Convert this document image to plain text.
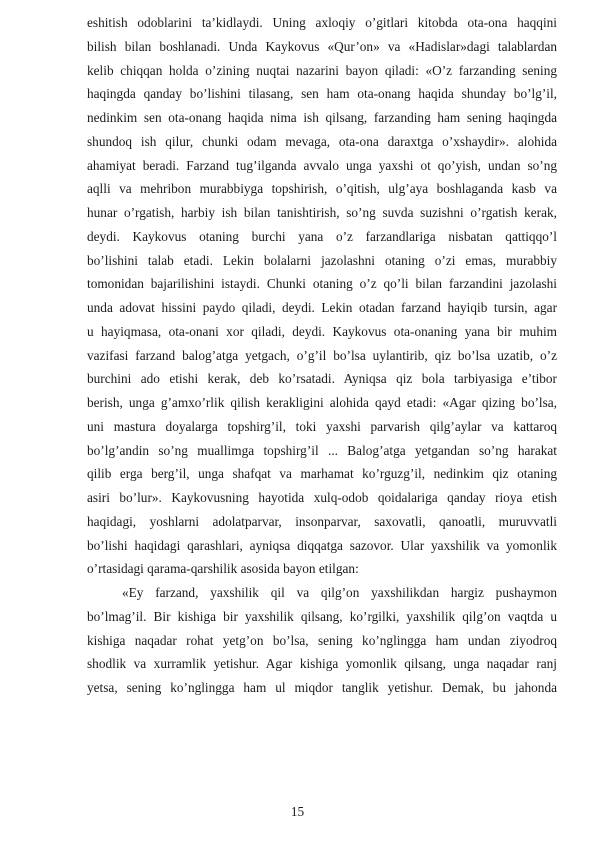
eshitish odoblarini ta’kidlaydi. Uning axloqiy o’gitlari kitobda ota-ona haqqini
bilish bilan boshlanadi. Unda Kaykovus «Qur’on» va «Hadislar»dagi talablardan
kelib chiqqan holda o’zining nuqtai nazarini bayon qiladi: «O’z farzanding sening
haqingda qanday bo’lishini tilasang, sen ham ota-onang haqida shunday bo’lg’il,
nedinkim sen ota-onang haqida nima ish qilsang, farzanding ham sening haqingda
shundoq ish qilur, chunki odam mevaga, ota-ona daraxtga o’xshaydir». alohida
ahamiyat beradi. Farzand tug’ilganda avvalo unga yaxshi ot qo’yish, undan so’ng
aqlli va mehribon murabbiyga topshirish, o’qitish, ulg’aya boshlaganda kasb va
hunar o’rgatish, harbiy ish bilan tanishtirish, so’ng suvda suzishni o’rgatish kerak,
deydi. Kaykovus otaning burchi yana o’z farzandlariga nisbatan qattiqqo’l
bo’lishini talab etadi. Lekin bolalarni jazolashni otaning o’zi emas, murabbiy
tomonidan bajarilishini istaydi. Chunki otaning o’z qo’li bilan farzandini jazolashi
unda adovat hissini paydo qiladi, deydi. Lekin otadan farzand hayiqib tursin, agar
u hayiqmasa, ota-onani xor qiladi, deydi. Kaykovus ota-onaning yana bir muhim
vazifasi farzand balog’atga yetgach, o’g’il bo’lsa uylantirib, qiz bo’lsa uzatib, o’z
burchini ado etishi kerak, deb ko’rsatadi. Ayniqsa qiz bola tarbiyasiga e’tibor
berish, unga g’amxo’rlik qilish kerakligini alohida qayd etadi: «Agar qizing bo’lsa,
uni mastura doyalarga topshirg’il, toki yaxshi parvarish qilg’aylar va kattaroq
bo’lg’andin so’ng muallimga topshirg’il ... Balog’atga yetgandan so’ng harakat
qilib erga berg’il, unga shafqat va marhamat ko’rguzg’il, nedinkim qiz otaning
asiri bo’lur». Kaykovusning hayotida xulq-odob qoidalariga qanday rioya etish
haqidagi, yoshlarni adolatparvar, insonparvar, saxovatli, qanoatli, muruvvatli
bo’lishi haqidagi qarashlari, ayniqsa diqqatga sazovor. Ular yaxshilik va yomonlik
o’rtasidagi qarama-qarshilik asosida bayon etilgan:
«Ey farzand, yaxshilik qil va qilg’on yaxshilikdan hargiz pushaymon
bo’lmag’il. Bir kishiga bir yaxshilik qilsang, ko’rgilki, yaxshilik qilg’on vaqtda u
kishiga naqadar rohat yetg’on bo’lsa, sening ko’nglingga ham undan ziyodroq
shodlik va xurramlik yetishur. Agar kishiga yomonlik qilsang, unga naqadar ranj
yetsa, sening ko’nglingga ham ul miqdor tanglik yetishur. Demak, bu jahonda
15
